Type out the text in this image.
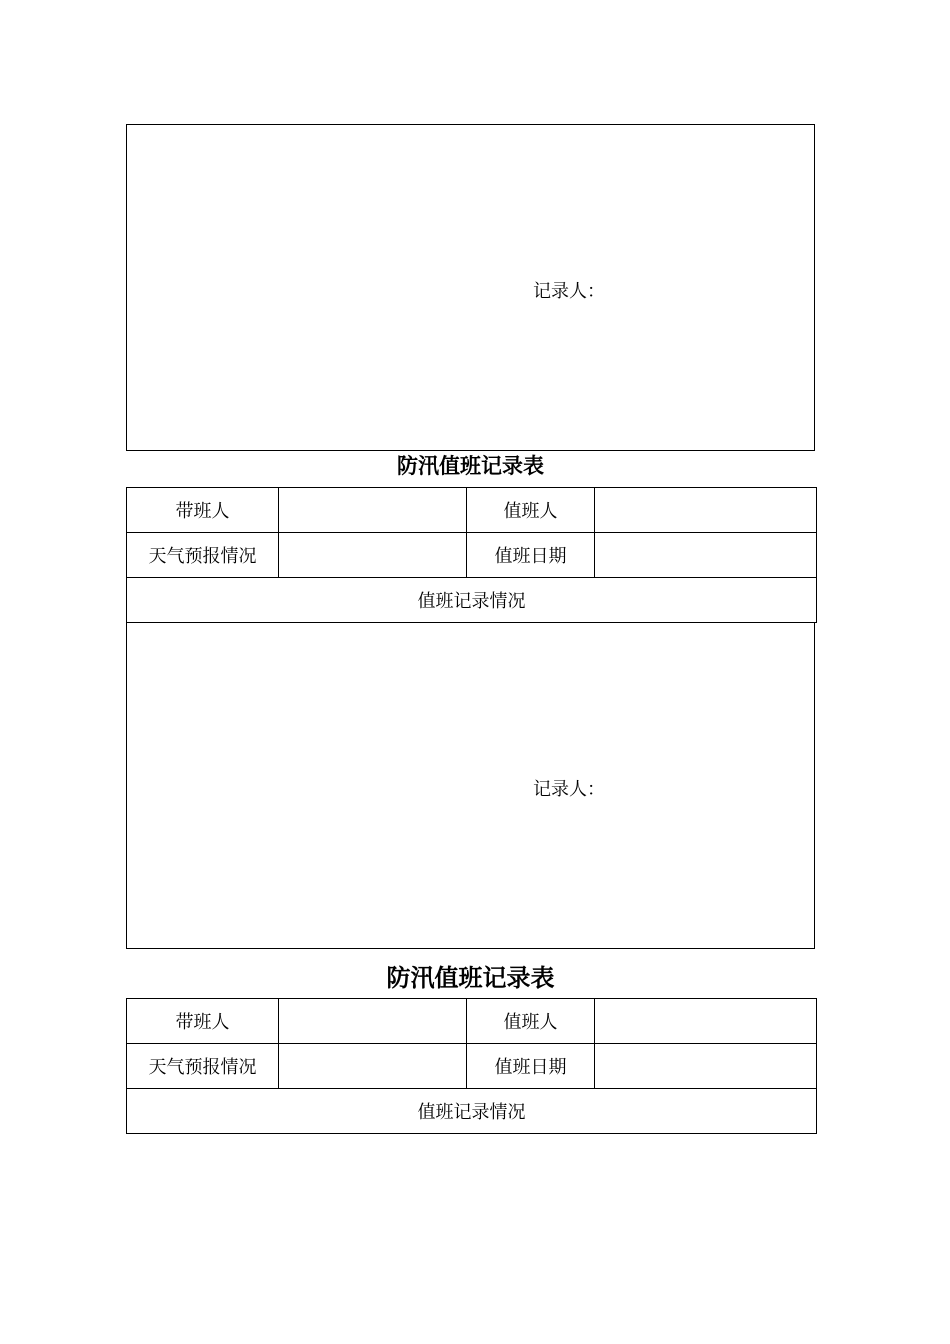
记录人：
防汛值班记录表
带班人		值班人	
天气预报情况		值班日期	
值班记录情况			
记录人：
防汛值班记录表
带班人		值班人	
天气预报情况		值班日期	
值班记录情况			
